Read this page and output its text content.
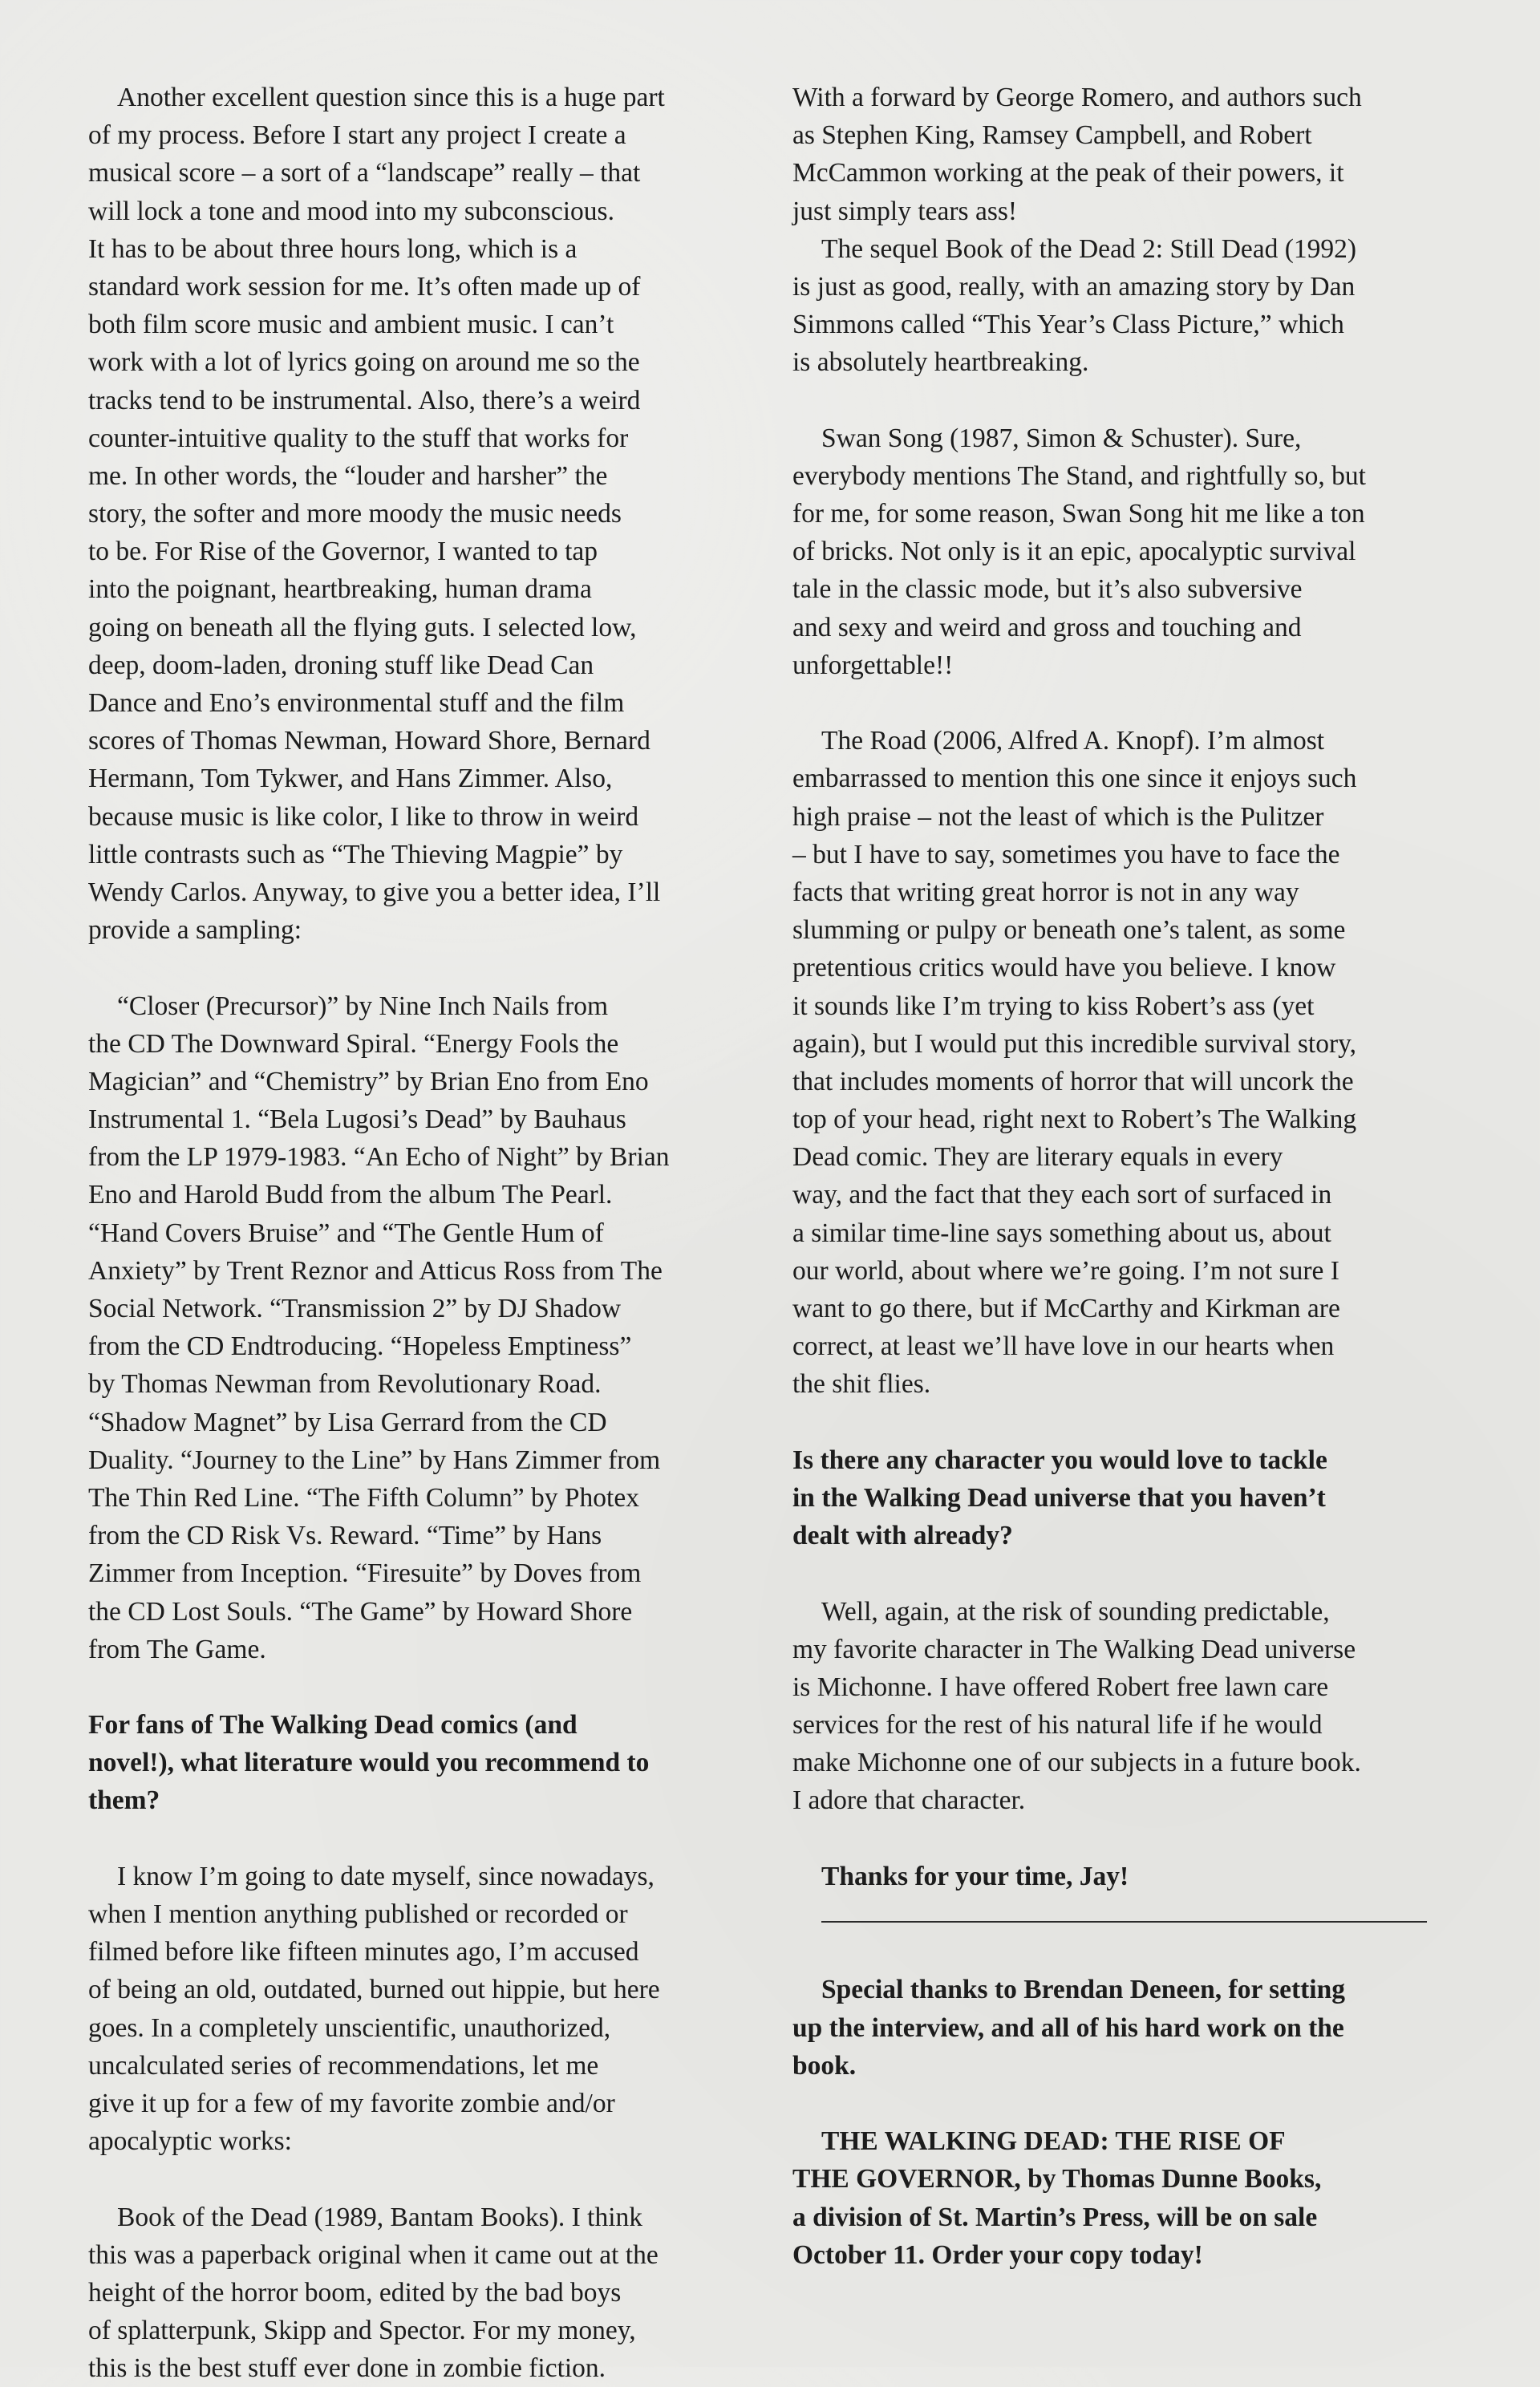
Another excellent question since this is a huge part
of my process. Before I start any project I create a
musical score – a sort of a “landscape” really – that
will lock a tone and mood into my subconscious.
It has to be about three hours long, which is a
standard work session for me. It’s often made up of
both film score music and ambient music. I can’t
work with a lot of lyrics going on around me so the
tracks tend to be instrumental. Also, there’s a weird
counter-intuitive quality to the stuff that works for
me. In other words, the “louder and harsher” the
story, the softer and more moody the music needs
to be. For Rise of the Governor, I wanted to tap
into the poignant, heartbreaking, human drama
going on beneath all the flying guts. I selected low,
deep, doom-laden, droning stuff like Dead Can
Dance and Eno’s environmental stuff and the film
scores of Thomas Newman, Howard Shore, Bernard
Hermann, Tom Tykwer, and Hans Zimmer. Also,
because music is like color, I like to throw in weird
little contrasts such as “The Thieving Magpie” by
Wendy Carlos. Anyway, to give you a better idea, I’ll
provide a sampling:
“Closer (Precursor)” by Nine Inch Nails from
the CD The Downward Spiral. “Energy Fools the
Magician” and “Chemistry” by Brian Eno from Eno
Instrumental 1. “Bela Lugosi’s Dead” by Bauhaus
from the LP 1979-1983. “An Echo of Night” by Brian
Eno and Harold Budd from the album The Pearl.
“Hand Covers Bruise” and “The Gentle Hum of
Anxiety” by Trent Reznor and Atticus Ross from The
Social Network. “Transmission 2” by DJ Shadow
from the CD Endtroducing. “Hopeless Emptiness”
by Thomas Newman from Revolutionary Road.
“Shadow Magnet” by Lisa Gerrard from the CD
Duality. “Journey to the Line” by Hans Zimmer from
The Thin Red Line. “The Fifth Column” by Photex
from the CD Risk Vs. Reward. “Time” by Hans
Zimmer from Inception. “Firesuite” by Doves from
the CD Lost Souls. “The Game” by Howard Shore
from The Game.
For fans of The Walking Dead comics (and
novel!), what literature would you recommend to
them?
I know I’m going to date myself, since nowadays,
when I mention anything published or recorded or
filmed before like fifteen minutes ago, I’m accused
of being an old, outdated, burned out hippie, but here
goes. In a completely unscientific, unauthorized,
uncalculated series of recommendations, let me
give it up for a few of my favorite zombie and/or
apocalyptic works:
Book of the Dead (1989, Bantam Books). I think
this was a paperback original when it came out at the
height of the horror boom, edited by the bad boys
of splatterpunk, Skipp and Spector. For my money,
this is the best stuff ever done in zombie fiction.
With a forward by George Romero, and authors such
as Stephen King, Ramsey Campbell, and Robert
McCammon working at the peak of their powers, it
just simply tears ass!
The sequel Book of the Dead 2: Still Dead (1992)
is just as good, really, with an amazing story by Dan
Simmons called “This Year’s Class Picture,” which
is absolutely heartbreaking.
Swan Song (1987, Simon & Schuster). Sure,
everybody mentions The Stand, and rightfully so, but
for me, for some reason, Swan Song hit me like a ton
of bricks. Not only is it an epic, apocalyptic survival
tale in the classic mode, but it’s also subversive
and sexy and weird and gross and touching and
unforgettable!!
The Road (2006, Alfred A. Knopf). I’m almost
embarrassed to mention this one since it enjoys such
high praise – not the least of which is the Pulitzer
– but I have to say, sometimes you have to face the
facts that writing great horror is not in any way
slumming or pulpy or beneath one’s talent, as some
pretentious critics would have you believe. I know
it sounds like I’m trying to kiss Robert’s ass (yet
again), but I would put this incredible survival story,
that includes moments of horror that will uncork the
top of your head, right next to Robert’s The Walking
Dead comic. They are literary equals in every
way, and the fact that they each sort of surfaced in
a similar time-line says something about us, about
our world, about where we’re going. I’m not sure I
want to go there, but if McCarthy and Kirkman are
correct, at least we’ll have love in our hearts when
the shit flies.
Is there any character you would love to tackle
in the Walking Dead universe that you haven’t
dealt with already?
Well, again, at the risk of sounding predictable,
my favorite character in The Walking Dead universe
is Michonne. I have offered Robert free lawn care
services for the rest of his natural life if he would
make Michonne one of our subjects in a future book.
I adore that character.
Thanks for your time, Jay!
Special thanks to Brendan Deneen, for setting
up the interview, and all of his hard work on the
book.
THE WALKING DEAD: THE RISE OF
THE GOVERNOR, by Thomas Dunne Books,
a division of St. Martin’s Press, will be on sale
October 11. Order your copy today!
